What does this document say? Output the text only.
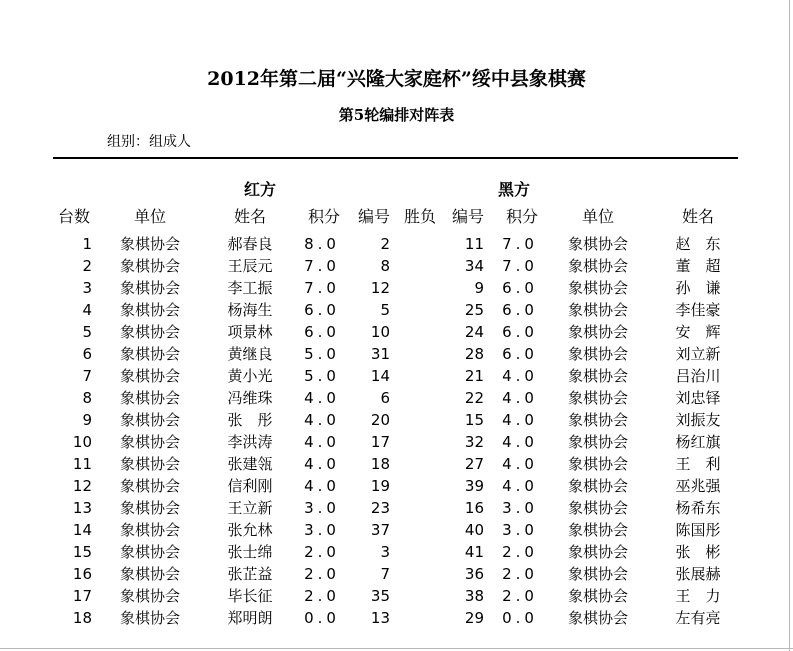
2012年第二届“兴隆大家庭杯”绥中县象棋赛
第5轮编排对阵表
组别：组成人
红方	黑方
台数	单位	姓名	积分	编号 胜负 编号	积分	单位	姓名
1	象棋协会	郝春良	8.0	2	11 7.0	象棋协会	赵　东
2	象棋协会	王辰元	7.0	8	34 7.0	象棋协会	董　超
3	象棋协会	李工振	7.0	12	9 6.0	象棋协会	孙　谦
4	象棋协会	杨海生	6.0	5	25 6.0	象棋协会	李佳豪
5	象棋协会	项景林	6.0	10	24 6.0	象棋协会	安　辉
6	象棋协会	黄继良	5.0	31	28 6.0	象棋协会	刘立新
7	象棋协会	黄小光	5.0	14	21 4.0	象棋协会	吕治川
8	象棋协会	冯维珠	4.0	6	22 4.0	象棋协会	刘忠铎
9	象棋协会	张　彤	4.0	20	15 4.0	象棋协会	刘振友
10	象棋协会	李洪涛	4.0	17	32 4.0	象棋协会	杨红旗
11	象棋协会	张建瓴	4.0	18	27 4.0	象棋协会	王　利
12	象棋协会	信利刚	4.0	19	39 4.0	象棋协会	巫兆强
13	象棋协会	王立新	3.0	23	16 3.0	象棋协会	杨希东
14	象棋协会	张允林	3.0	37	40 3.0	象棋协会	陈国彤
15	象棋协会	张士绵	2.0	3	41 2.0	象棋协会	张　彬
16	象棋协会	张芷益	2.0	7	36 2.0	象棋协会	张展赫
17	象棋协会	毕长征	2.0	35	38 2.0	象棋协会	王　力
18	象棋协会	郑明朗	0.0	13	29 0.0	象棋协会	左有亮
